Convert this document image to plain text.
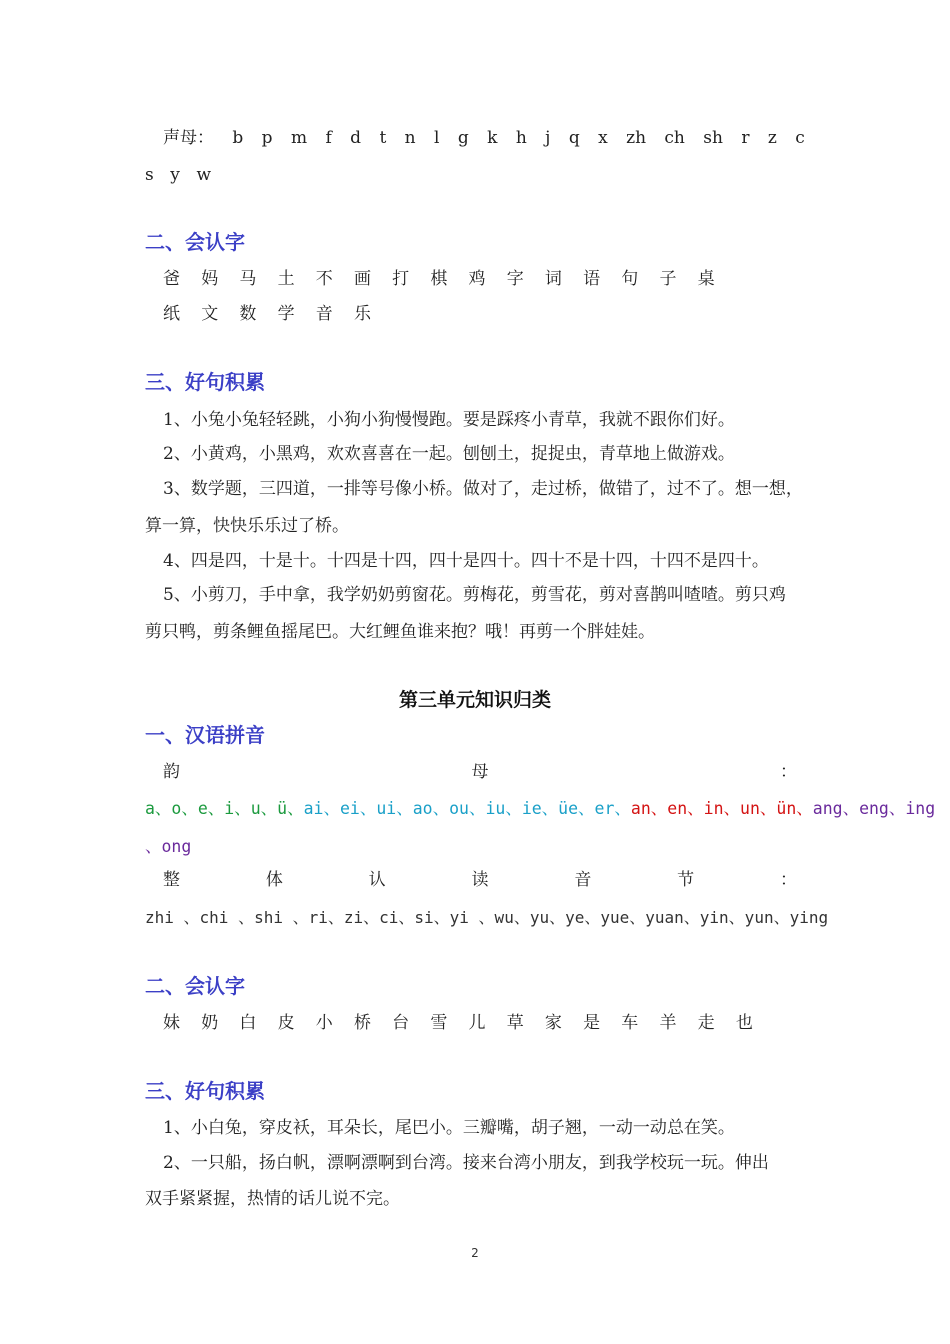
声母： b p m f d t n l g k h j q x zh ch sh r z c
s y w
二、会认字
爸 妈 马 土 不 画 打 棋 鸡 字 词 语 句 子 桌
纸 文 数 学 音 乐
三、好句积累
1、小兔小兔轻轻跳，小狗小狗慢慢跑。要是踩疼小青草，我就不跟你们好。
2、小黄鸡，小黑鸡，欢欢喜喜在一起。刨刨土，捉捉虫，青草地上做游戏。
3、数学题，三四道，一排等号像小桥。做对了，走过桥，做错了，过不了。想一想，
算一算，快快乐乐过了桥。
4、四是四，十是十。十四是十四，四十是四十。四十不是十四，十四不是四十。
5、小剪刀，手中拿，我学奶奶剪窗花。剪梅花，剪雪花，剪对喜鹊叫喳喳。剪只鸡
剪只鸭，剪条鲤鱼摇尾巴。大红鲤鱼谁来抱？哦！再剪一个胖娃娃。
第三单元知识归类
一、汉语拼音
韵	母	：
a、o、e、i、u、ü、ai、ei、ui、ao、ou、iu、ie、üe、er、an、en、in、un、ün、ang、eng、ing
、ong
整	体	认	读	音	节	：
zhi 、chi 、shi 、ri、zi、ci、si、yi 、wu、yu、ye、yue、yuan、yin、yun、ying
二、会认字
妹 奶 白 皮 小 桥 台 雪 儿 草 家 是 车 羊 走 也
三、好句积累
1、小白兔，穿皮袄，耳朵长，尾巴小。三瓣嘴，胡子翘，一动一动总在笑。
2、一只船，扬白帆，漂啊漂啊到台湾。接来台湾小朋友，到我学校玩一玩。伸出
双手紧紧握，热情的话儿说不完。
2
